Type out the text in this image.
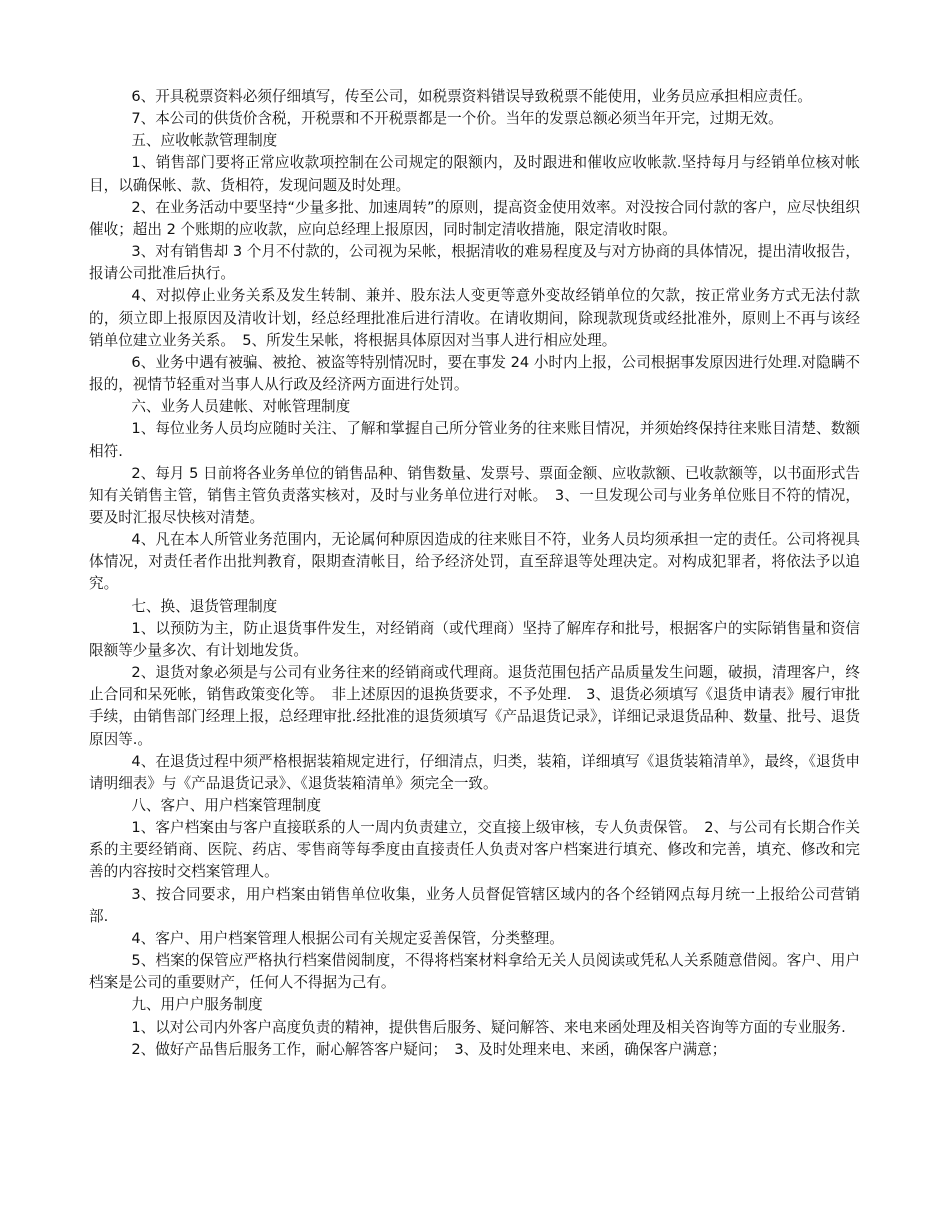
6、开具税票资料必须仔细填写，传至公司，如税票资料错误导致税票不能使用，业务员应承担相应责任。

7、本公司的供货价含税，开税票和不开税票都是一个价。当年的发票总额必须当年开完，过期无效。

五、应收帐款管理制度

1、销售部门要将正常应收款项控制在公司规定的限额内，及时跟进和催收应收帐款.坚持每月与经销单位核对帐目，以确保帐、款、货相符，发现问题及时处理。

2、在业务活动中要坚持“少量多批、加速周转”的原则，提高资金使用效率。对没按合同付款的客户，应尽快组织催收；超出 2 个账期的应收款，应向总经理上报原因，同时制定清收措施，限定清收时限。

3、对有销售却 3 个月不付款的，公司视为呆帐，根据清收的难易程度及与对方协商的具体情况，提出清收报告，报请公司批准后执行。

4、对拟停止业务关系及发生转制、兼并、股东法人变更等意外变故经销单位的欠款，按正常业务方式无法付款的，须立即上报原因及清收计划，经总经理批准后进行清收。在请收期间，除现款现货或经批准外，原则上不再与该经销单位建立业务关系。　5、所发生呆帐，将根据具体原因对当事人进行相应处理。

6、业务中遇有被骗、被抢、被盗等特别情况时，要在事发 24 小时内上报，公司根据事发原因进行处理.对隐瞒不报的，视情节轻重对当事人从行政及经济两方面进行处罚。

六、业务人员建帐、对帐管理制度

1、每位业务人员均应随时关注、了解和掌握自己所分管业务的往来账目情况，并须始终保持往来账目清楚、数额相符.

2、每月 5 日前将各业务单位的销售品种、销售数量、发票号、票面金额、应收款额、已收款额等，以书面形式告知有关销售主管，销售主管负责落实核对，及时与业务单位进行对帐。　3、一旦发现公司与业务单位账目不符的情况，要及时汇报尽快核对清楚。

4、凡在本人所管业务范围内，无论属何种原因造成的往来账目不符，业务人员均须承担一定的责任。公司将视具体情况，对责任者作出批判教育，限期查清帐目，给予经济处罚，直至辞退等处理决定。对构成犯罪者，将依法予以追究。

七、换、退货管理制度

1、以预防为主，防止退货事件发生，对经销商（或代理商）坚持了解库存和批号，根据客户的实际销售量和资信限额等少量多次、有计划地发货。

2、退货对象必须是与公司有业务往来的经销商或代理商。退货范围包括产品质量发生问题，破损，清理客户，终止合同和呆死帐，销售政策变化等。　非上述原因的退换货要求，不予处理.　3、退货必须填写《退货申请表》履行审批手续，由销售部门经理上报，总经理审批.经批准的退货须填写《产品退货记录》，详细记录退货品种、数量、批号、退货原因等.。

4、在退货过程中须严格根据装箱规定进行，仔细清点，归类，装箱，详细填写《退货装箱清单》，最终，《退货申请明细表》与《产品退货记录》、《退货装箱清单》须完全一致。

八、客户、用户档案管理制度

1、客户档案由与客户直接联系的人一周内负责建立，交直接上级审核，专人负责保管。　2、与公司有长期合作关系的主要经销商、医院、药店、零售商等每季度由直接责任人负责对客户档案进行填充、修改和完善，填充、修改和完善的内容按时交档案管理人。

3、按合同要求，用户档案由销售单位收集，业务人员督促管辖区域内的各个经销网点每月统一上报给公司营销部.

4、客户、用户档案管理人根据公司有关规定妥善保管，分类整理。

5、档案的保管应严格执行档案借阅制度，不得将档案材料拿给无关人员阅读或凭私人关系随意借阅。客户、用户档案是公司的重要财产，任何人不得据为己有。

九、用户户服务制度

1、以对公司内外客户高度负责的精神，提供售后服务、疑问解答、来电来函处理及相关咨询等方面的专业服务.

2、做好产品售后服务工作，耐心解答客户疑问；　3、及时处理来电、来函，确保客户满意；
